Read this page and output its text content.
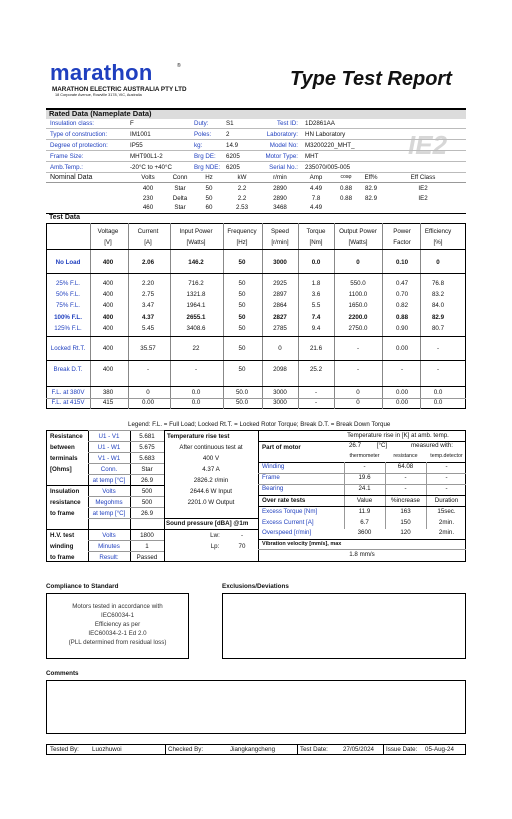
marathon	®
MARATHON ELECTRIC AUSTRALIA PTY LTD
18 Corporate Avenue, Rowville 3178, VIC, Australia
Type Test Report
Rated Data (Nameplate Data)
Insulation class:	F
Type of construction:	IM1001
Degree of protection:	IP55
Frame Size:	MHT90L1-2
Amb.Temp.:	-20°C to +40°C
Duty:	S1
Poles: 2
kg:	14.9
Brg DE: 6205
Brg NDE: 6205
Test ID: 1D2861AA
Laboratory: HN Laboratory
Model No: M3200220_MHT_
Motor Type: MHT
Serial No.: 235070/005-005
IE2
Nominal Data	Volts	Conn	Hz	kW	r/min	Amp	cosφ	Eff%	Eff Class
400	Star	50	2.2	2890	4.49	0.88	82.9	IE2
230	Delta	50	2.2	2890	7.8	0.88	82.9	IE2
460	Star	60	2.53	3468	4.49
Test Data
Voltage	Current	Input Power	Frequency	Speed	Torque	Output Power	Power	Efficiency
[V]	[A]	[Watts]	[Hz]	[r/min]	[Nm]	[Watts]	Factor	[%]
No Load	400	2.06	146.2	50	3000	0.0	0	0.10	0
25% F.L.	400	2.20	716.2	50	2925	1.8	550.0	0.47	76.8
50% F.L.	400	2.75	1321.8	50	2897	3.6	1100.0	0.70	83.2
75% F.L.	400	3.47	1964.1	50	2864	5.5	1650.0	0.82	84.0
100% F.L.	400	4.37	2655.1	50	2827	7.4	2200.0	0.88	82.9
125% F.L.	400	5.45	3408.6	50	2785	9.4	2750.0	0.90	80.7
Locked Rt.T.	400	35.57	22	50	0	21.6	-	0.00	-
Break D.T.	400	-	-	50	2098	25.2	-	-	-
F.L. at 380V	380	0	0.0	50.0	3000	-	0	0.00	0.0
F.L. at 415V	415	0.00	0.0	50.0	3000	-	0	0.00	0.0
Legend: F.L. = Full Load; Locked Rt.T. = Locked Rotor Torque; Break D.T. = Break Down Torque
Resistance
between
terminals
[Ohms]
U1 - V1	5.681
U1 - W1	5.675
V1 - W1	5.683
Conn.	Star
at temp [°C]	26.9
Insulation
resistance
to frame
Volts	500
Megohms	500
at temp [°C]	26.9
H.V. test
winding
to frame
Volts	1800
Minutes	1
Result:	Passed
Temperature rise test
After continuous test at
400 V
4.37 A
2826.2 r/min
2644.6 W Input
2201.0 W Output
Sound pressure [dBA] @1m
Lw:	-
Lp:	70
Temperature rise in [K] at amb. temp.
Part of motor	26.7	[°C]	measured with:
thermometer	resistance	temp.detector
Winding	-	64.08	-
Frame	19.6	-	-
Bearing	24.1	-	-
Over rate tests	Value	%increase	Duration
Excess Torque [Nm]	11.9	163	15sec.
Excess Current [A]	6.7	150	2min.
Overspeed [r/min]	3600	120	2min.
Vibration velocity [mm/s], max
1.8 mm/s
Compliance to Standard
Motors tested in accordance with
IEC60034-1
Efficiency as per
IEC60034-2-1 Ed 2.0
(PLL determined from residual loss)
Exclusions/Deviations
Comments
Tested By: Luozhuwoi	Checked By:	Jiangkangcheng	Test Date: 27/05/2024 Issue Date: 05-Aug-24
